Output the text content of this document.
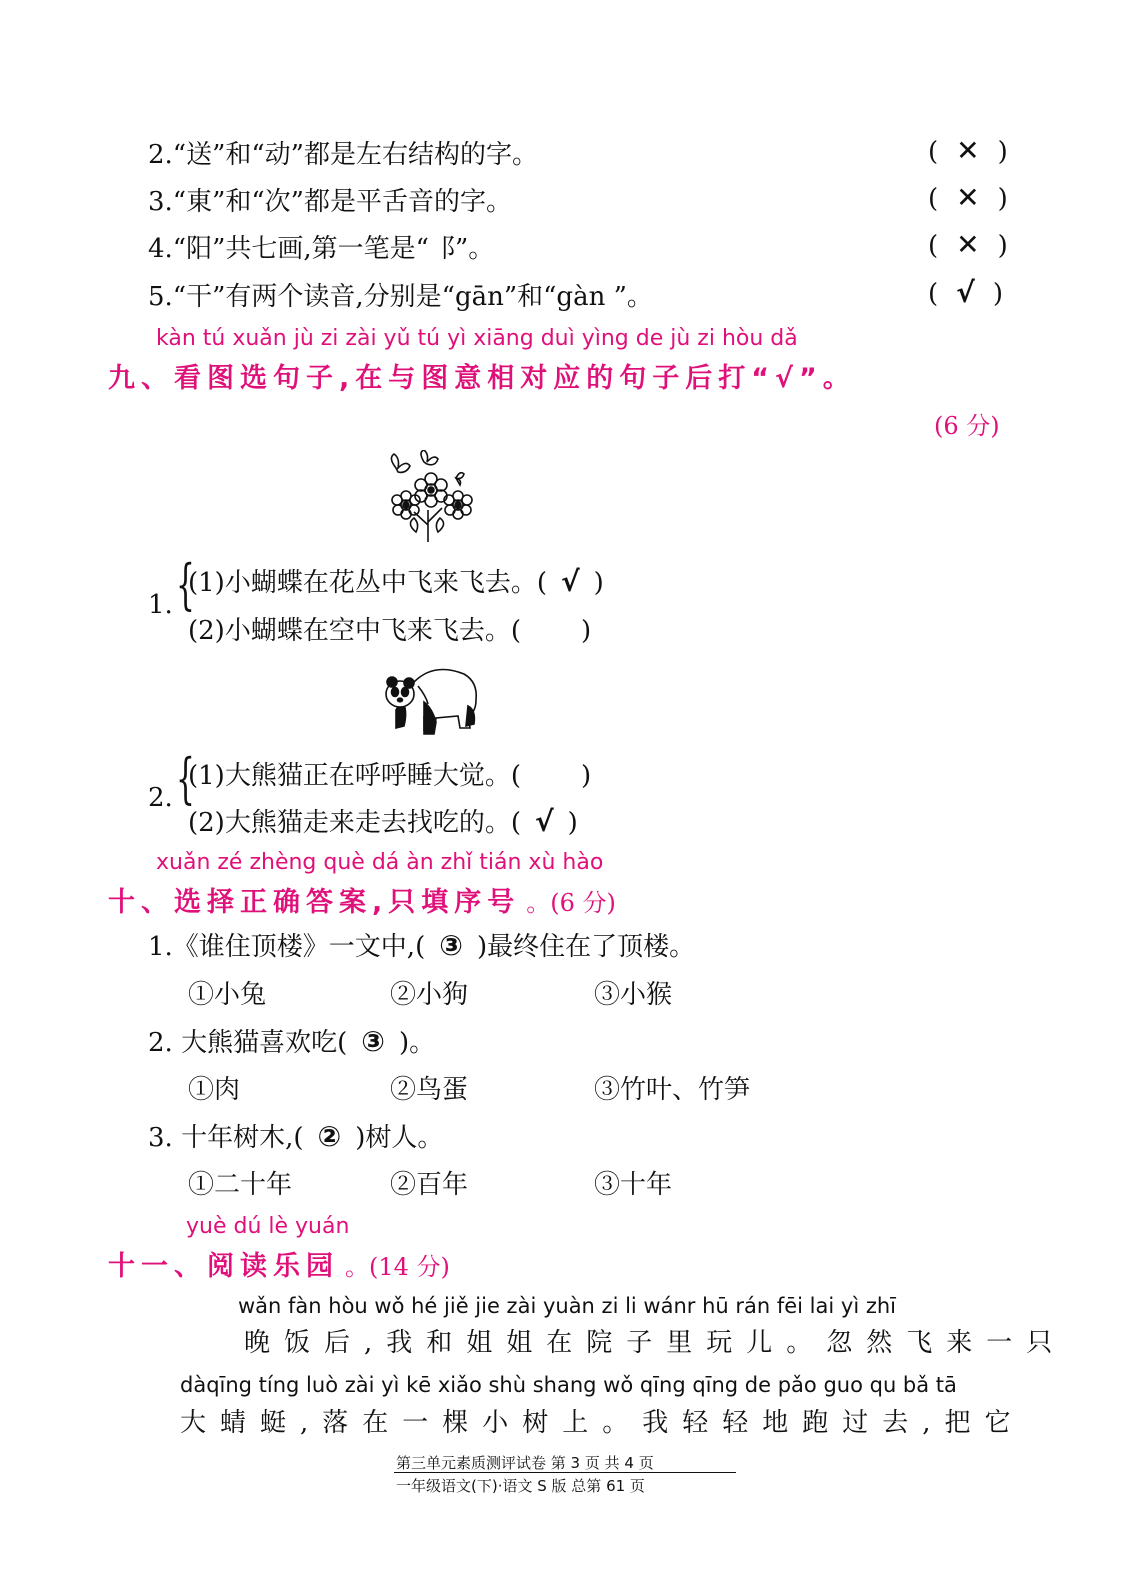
2.“送”和“动”都是左右结构的字。	( ✕ )
3.“東”和“次”都是平舌音的字。	( ✕ )
4.“阳”共七画,第一笔是“⻏”。	( ✕ )
5.“干”有两个读音,分别是“gān”和“gàn ”。	( √ )
kàn tú xuǎn jù zi zài yǔ tú yì xiāng duì yìng de jù zi hòu dǎ
九、看图选句子,在与图意相对应的句子后打“√”。
(6 分)
1. {
(1)小蝴蝶在花丛中飞来飞去。( √ )
(2)小蝴蝶在空中飞来飞去。( )
2. {
(1)大熊猫正在呼呼睡大觉。( )
(2)大熊猫走来走去找吃的。( √ )
xuǎn zé zhèng què dá àn zhǐ tián xù hào
十、选择正确答案,只填序号 。(6 分)
1.《谁住顶楼》一文中,( ③ )最终住在了顶楼。
①小兔	②小狗	③小猴
2. 大熊猫喜欢吃( ③ )。
①肉	②鸟蛋	③竹叶、竹笋
3. 十年树木,( ② )树人。
①二十年	②百年	③十年
yuè dú lè yuán
十一、阅读乐园 。(14 分)
wǎn fàn hòu wǒ hé jiě jie zài yuàn zi li wánr hū rán fēi lai yì zhī
晚饭后,我和姐姐在院子里玩儿。忽然飞来一只
dàqīng tíng luò zài yì kē xiǎo shù shang wǒ qīng qīng de pǎo guo qu bǎ tā
大蜻蜓,落在一棵小树上。我轻轻地跑过去,把它
第三单元素质测评试卷 第 3 页 共 4 页
一年级语文(下)·语文 S 版 总第 61 页
